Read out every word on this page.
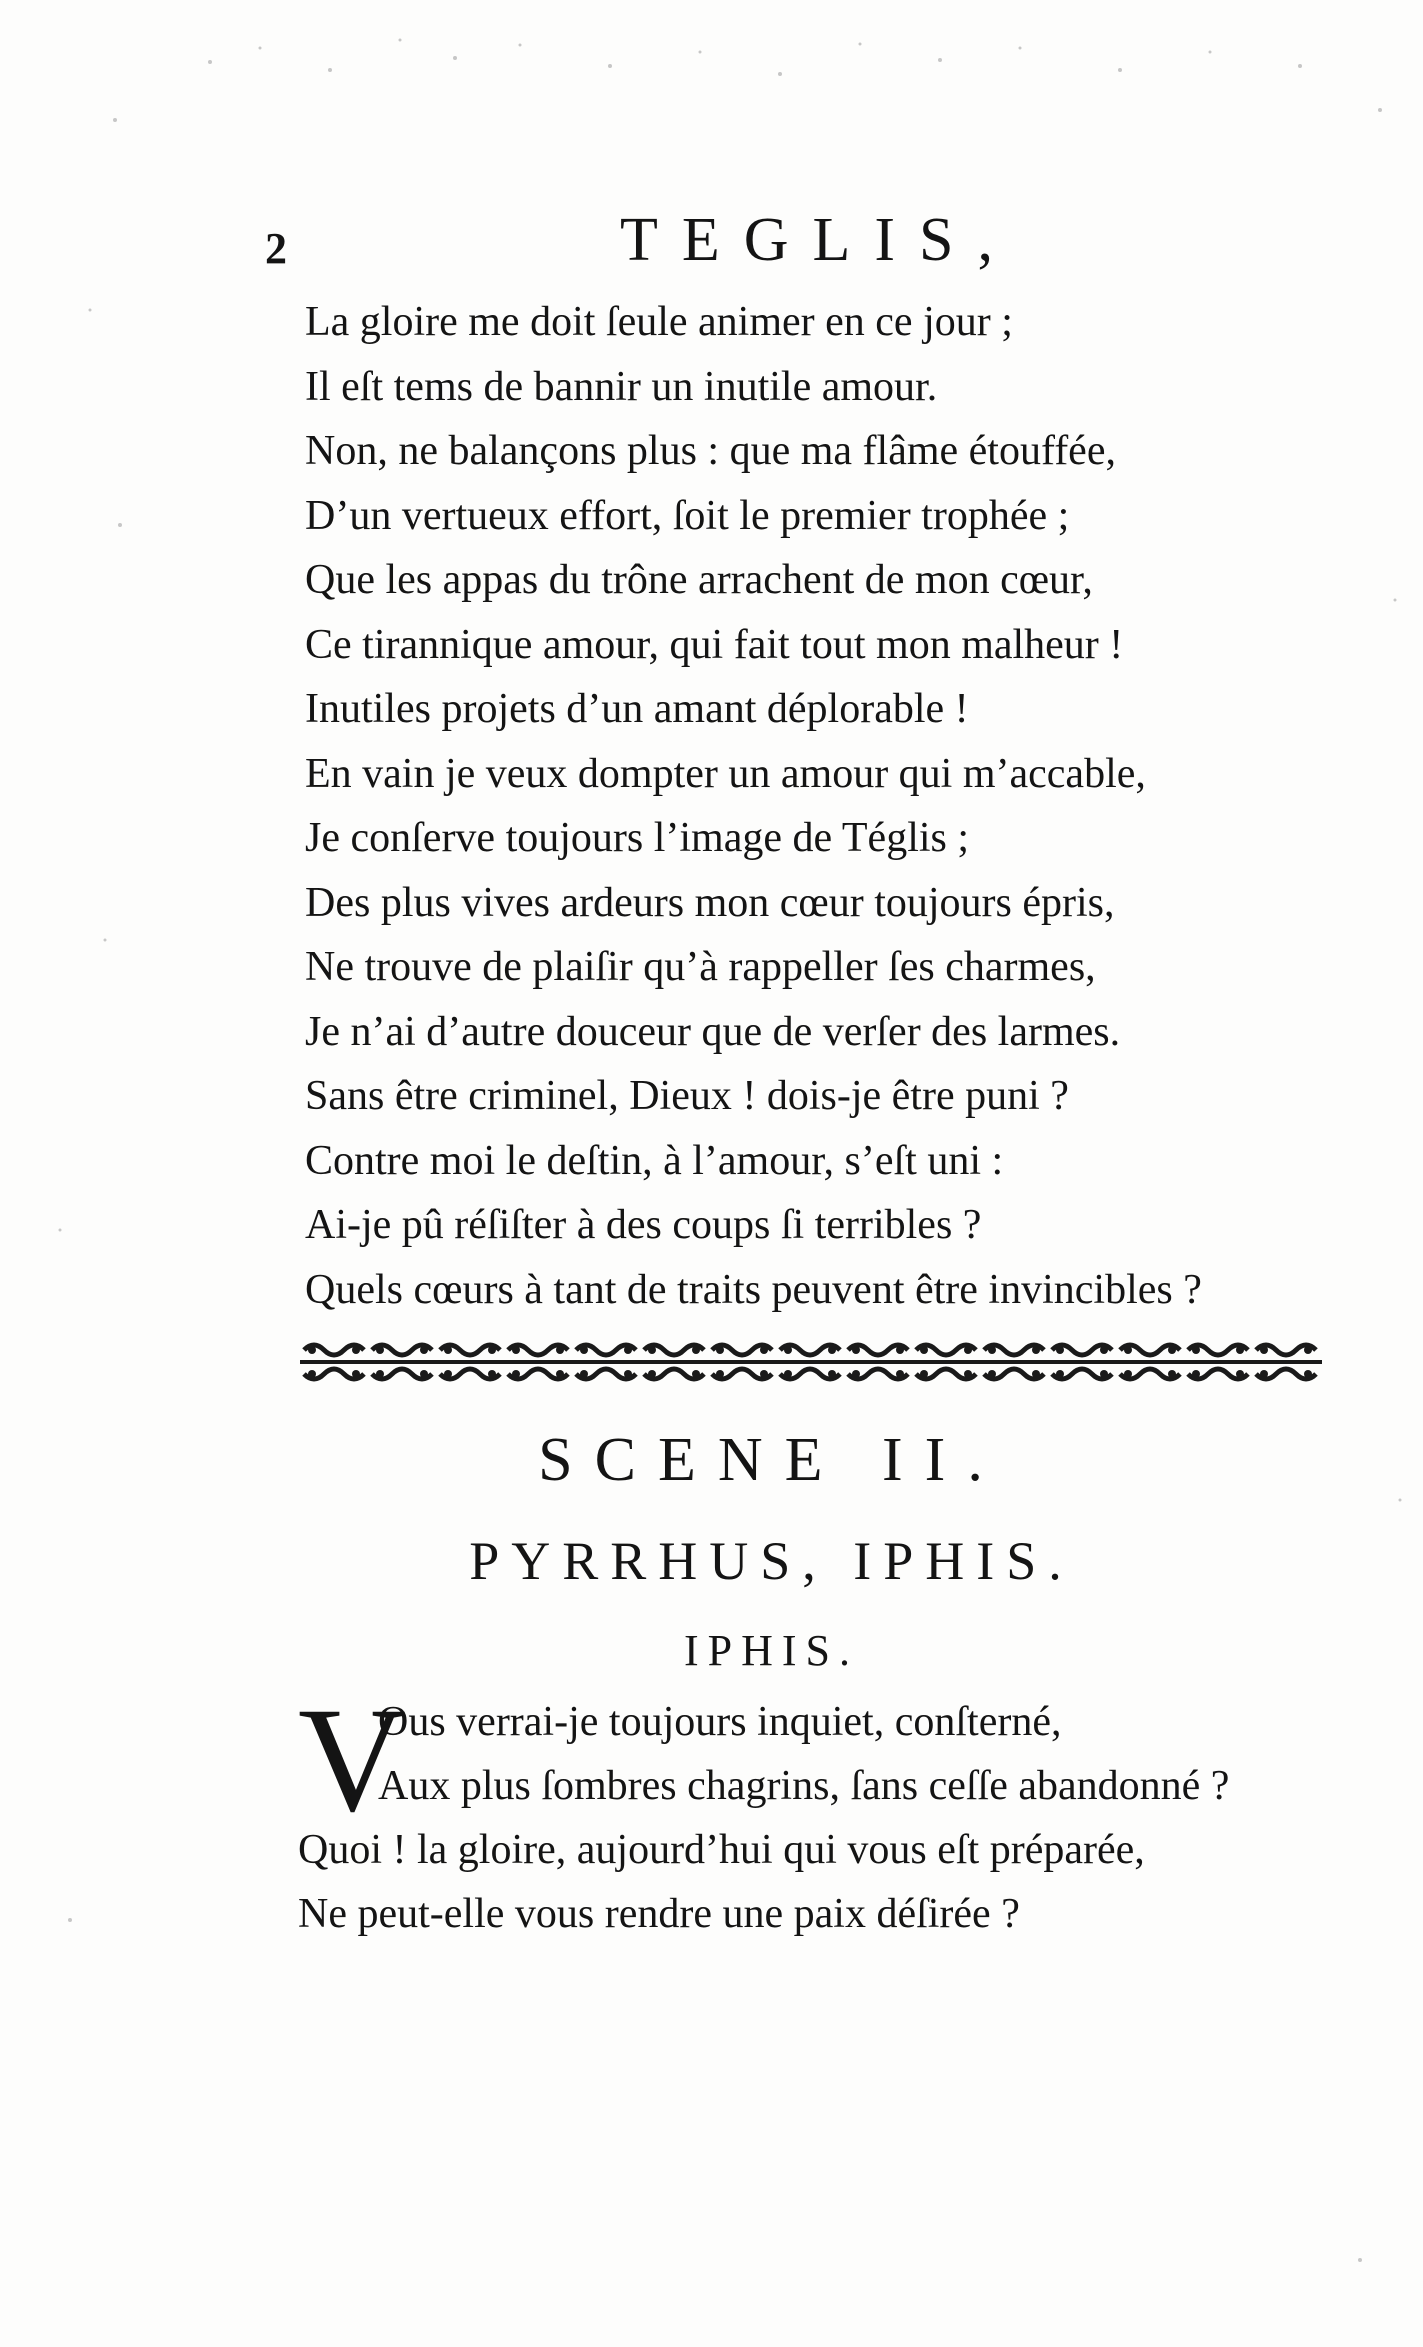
2	TEGLIS,
La gloire me doit ſeule animer en ce jour ;
Il eſt tems de bannir un inutile amour.
Non, ne balançons plus : que ma flâme étouffée,
D’un vertueux effort, ſoit le premier trophée ;
Que les appas du trône arrachent de mon cœur,
Ce tirannique amour, qui fait tout mon malheur !
Inutiles projets d’un amant déplorable !
En vain je veux dompter un amour qui m’accable,
Je conſerve toujours l’image de Téglis ;
Des plus vives ardeurs mon cœur toujours épris,
Ne trouve de plaiſir qu’à rappeller ſes charmes,
Je n’ai d’autre douceur que de verſer des larmes.
Sans être criminel, Dieux ! dois-je être puni ?
Contre moi le deſtin, à l’amour, s’eſt uni :
Ai-je pû réſiſter à des coups ſi terribles ?
Quels cœurs à tant de traits peuvent être invincibles ?
SCENE II.
PYRRHUS, IPHIS.
IPHIS.
V
Ous verrai-je toujours inquiet, conſterné,
Aux plus ſombres chagrins, ſans ceſſe abandonné ?
Quoi ! la gloire, aujourd’hui qui vous eſt préparée,
Ne peut-elle vous rendre une paix déſirée ?
